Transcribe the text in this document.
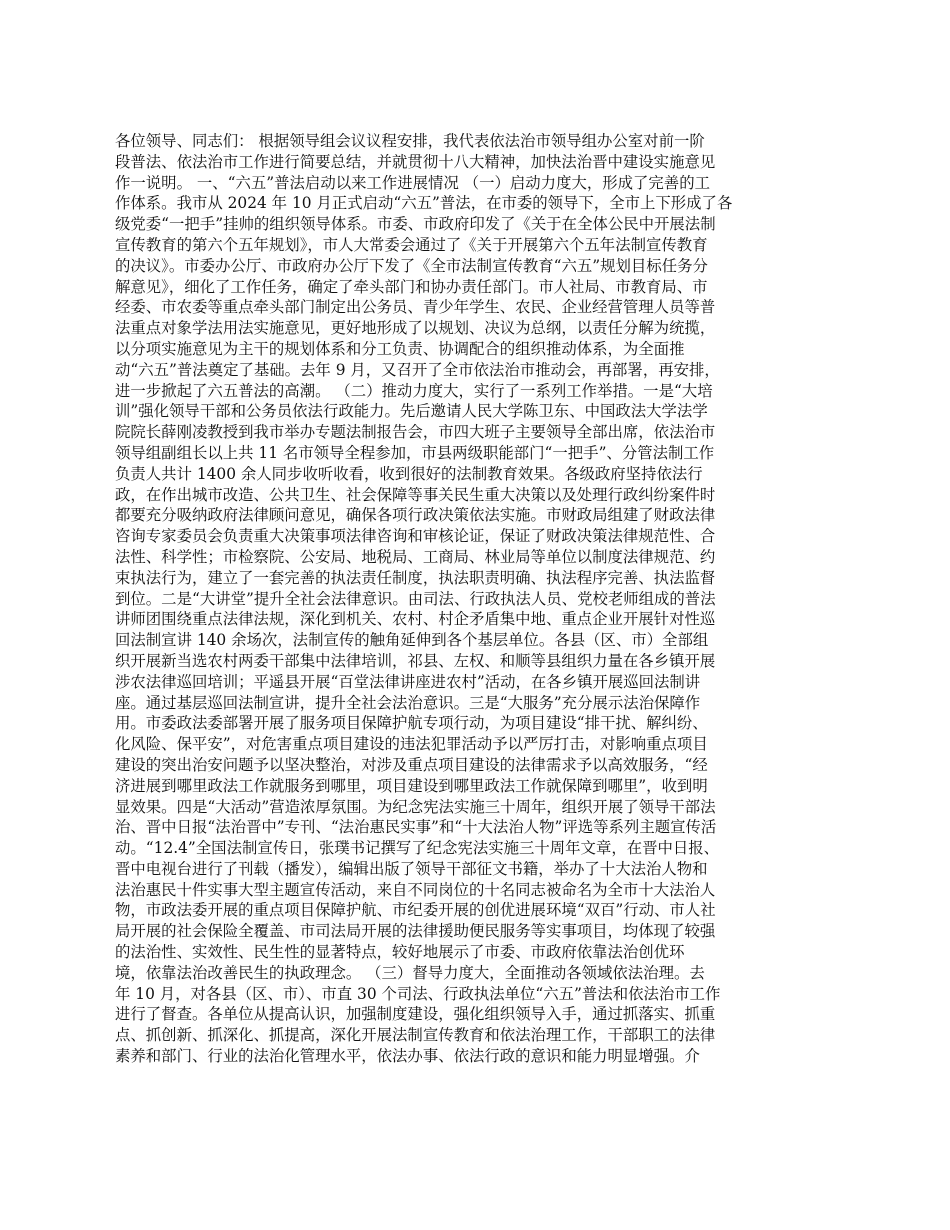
各位领导、同志们： 根据领导组会议议程安排，我代表依法治市领导组办公室对前一阶
段普法、依法治市工作进行简要总结，并就贯彻十八大精神，加快法治晋中建设实施意见
作一说明。 一、“六五”普法启动以来工作进展情况 （一）启动力度大，形成了完善的工
作体系。我市从 2024 年 10 月正式启动“六五”普法，在市委的领导下，全市上下形成了各
级党委“一把手”挂帅的组织领导体系。市委、市政府印发了《关于在全体公民中开展法制
宣传教育的第六个五年规划》，市人大常委会通过了《关于开展第六个五年法制宣传教育
的决议》。市委办公厅、市政府办公厅下发了《全市法制宣传教育“六五”规划目标任务分
解意见》，细化了工作任务，确定了牵头部门和协办责任部门。市人社局、市教育局、市
经委、市农委等重点牵头部门制定出公务员、青少年学生、农民、企业经营管理人员等普
法重点对象学法用法实施意见，更好地形成了以规划、决议为总纲，以责任分解为统揽，
以分项实施意见为主干的规划体系和分工负责、协调配合的组织推动体系，为全面推
动“六五”普法奠定了基础。去年 9 月，又召开了全市依法治市推动会，再部署，再安排，
进一步掀起了六五普法的高潮。 （二）推动力度大，实行了一系列工作举措。一是“大培
训”强化领导干部和公务员依法行政能力。先后邀请人民大学陈卫东、中国政法大学法学
院院长薛刚凌教授到我市举办专题法制报告会，市四大班子主要领导全部出席，依法治市
领导组副组长以上共 11 名市领导全程参加，市县两级职能部门“一把手”、分管法制工作
负责人共计 1400 余人同步收听收看，收到很好的法制教育效果。各级政府坚持依法行
政，在作出城市改造、公共卫生、社会保障等事关民生重大决策以及处理行政纠纷案件时
都要充分吸纳政府法律顾问意见，确保各项行政决策依法实施。市财政局组建了财政法律
咨询专家委员会负责重大决策事项法律咨询和审核论证，保证了财政决策法律规范性、合
法性、科学性；市检察院、公安局、地税局、工商局、林业局等单位以制度法律规范、约
束执法行为，建立了一套完善的执法责任制度，执法职责明确、执法程序完善、执法监督
到位。二是“大讲堂”提升全社会法律意识。由司法、行政执法人员、党校老师组成的普法
讲师团围绕重点法律法规，深化到机关、农村、村企矛盾集中地、重点企业开展针对性巡
回法制宣讲 140 余场次，法制宣传的触角延伸到各个基层单位。各县（区、市）全部组
织开展新当选农村两委干部集中法律培训，祁县、左权、和顺等县组织力量在各乡镇开展
涉农法律巡回培训；平遥县开展“百堂法律讲座进农村”活动，在各乡镇开展巡回法制讲
座。通过基层巡回法制宣讲，提升全社会法治意识。三是“大服务”充分展示法治保障作
用。市委政法委部署开展了服务项目保障护航专项行动，为项目建设“排干扰、解纠纷、
化风险、保平安”，对危害重点项目建设的违法犯罪活动予以严厉打击，对影响重点项目
建设的突出治安问题予以坚决整治，对涉及重点项目建设的法律需求予以高效服务，“经
济进展到哪里政法工作就服务到哪里，项目建设到哪里政法工作就保障到哪里”，收到明
显效果。四是“大活动”营造浓厚氛围。为纪念宪法实施三十周年，组织开展了领导干部法
治、晋中日报“法治晋中”专刊、“法治惠民实事”和“十大法治人物”评选等系列主题宣传活
动。“12.4”全国法制宣传日，张璞书记撰写了纪念宪法实施三十周年文章，在晋中日报、
晋中电视台进行了刊载（播发），编辑出版了领导干部征文书籍，举办了十大法治人物和
法治惠民十件实事大型主题宣传活动，来自不同岗位的十名同志被命名为全市十大法治人
物，市政法委开展的重点项目保障护航、市纪委开展的创优进展环境“双百”行动、市人社
局开展的社会保险全覆盖、市司法局开展的法律援助便民服务等实事项目，均体现了较强
的法治性、实效性、民生性的显著特点，较好地展示了市委、市政府依靠法治创优环
境，依靠法治改善民生的执政理念。 （三）督导力度大，全面推动各领域依法治理。去
年 10 月，对各县（区、市）、市直 30 个司法、行政执法单位“六五”普法和依法治市工作
进行了督查。各单位从提高认识，加强制度建设，强化组织领导入手，通过抓落实、抓重
点、抓创新、抓深化、抓提高，深化开展法制宣传教育和依法治理工作，干部职工的法律
素养和部门、行业的法治化管理水平，依法办事、依法行政的意识和能力明显增强。介
